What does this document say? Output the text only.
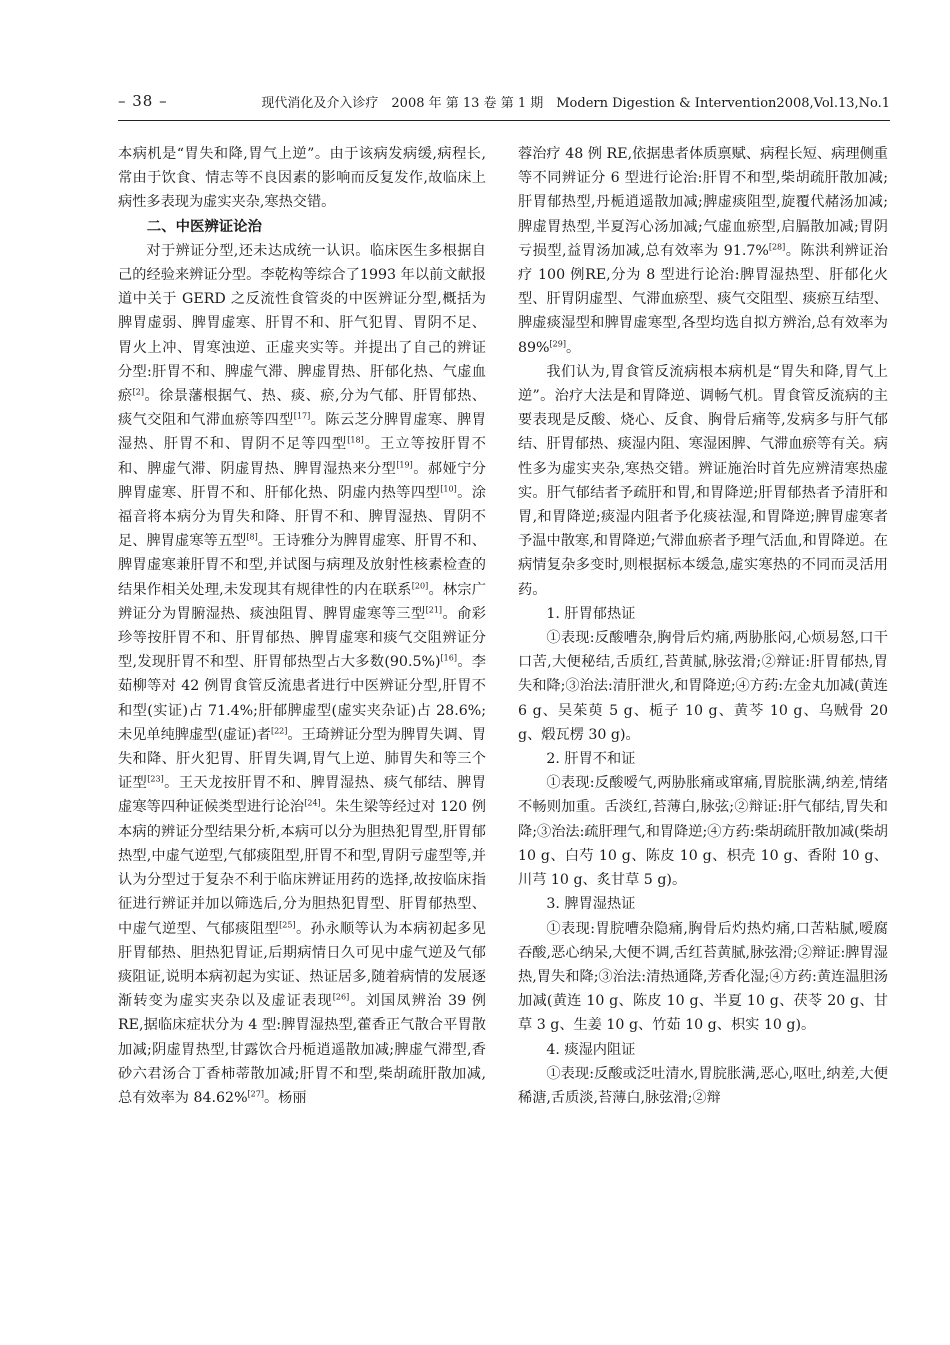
– 38 –	现代消化及介入诊疗　2008 年 第 13 卷 第 1 期　Modern Digestion & Intervention2008,Vol.13,No.1

本病机是“胃失和降,胃气上逆”。由于该病发病缓,病程长,常由于饮食、情志等不良因素的影响而反复发作,故临床上病性多表现为虚实夹杂,寒热交错。

二、中医辨证论治

对于辨证分型,还未达成统一认识。临床医生多根据自己的经验来辨证分型。李乾构等综合了1993 年以前文献报道中关于 GERD 之反流性食管炎的中医辨证分型,概括为脾胃虚弱、脾胃虚寒、肝胃不和、肝气犯胃、胃阴不足、胃火上冲、胃寒浊逆、正虚夹实等。并提出了自己的辨证分型:肝胃不和、脾虚气滞、脾虚胃热、肝郁化热、气虚血瘀[2]。徐景藩根据气、热、痰、瘀,分为气郁、肝胃郁热、痰气交阻和气滞血瘀等四型[17]。陈云芝分脾胃虚寒、脾胃湿热、肝胃不和、胃阴不足等四型[18]。王立等按肝胃不和、脾虚气滞、阴虚胃热、脾胃湿热来分型[19]。郝娅宁分脾胃虚寒、肝胃不和、肝郁化热、阴虚内热等四型[10]。涂福音将本病分为胃失和降、肝胃不和、脾胃湿热、胃阴不足、脾胃虚寒等五型[8]。王诗雅分为脾胃虚寒、肝胃不和、脾胃虚寒兼肝胃不和型,并试图与病理及放射性核素检查的结果作相关处理,未发现其有规律性的内在联系[20]。林宗广辨证分为胃腑湿热、痰浊阻胃、脾胃虚寒等三型[21]。俞彩珍等按肝胃不和、肝胃郁热、脾胃虚寒和痰气交阻辨证分型,发现肝胃不和型、肝胃郁热型占大多数(90.5%)[16]。李茹柳等对 42 例胃食管反流患者进行中医辨证分型,肝胃不和型(实证)占 71.4%;肝郁脾虚型(虚实夹杂证)占 28.6%;未见单纯脾虚型(虚证)者[22]。王琦辨证分型为脾胃失调、胃失和降、肝火犯胃、肝胃失调,胃气上逆、肺胃失和等三个证型[23]。王天龙按肝胃不和、脾胃湿热、痰气郁结、脾胃虚寒等四种证候类型进行论治[24]。朱生梁等经过对 120 例本病的辨证分型结果分析,本病可以分为胆热犯胃型,肝胃郁热型,中虚气逆型,气郁痰阻型,肝胃不和型,胃阴亏虚型等,并认为分型过于复杂不利于临床辨证用药的选择,故按临床指征进行辨证并加以筛选后,分为胆热犯胃型、肝胃郁热型、中虚气逆型、气郁痰阻型[25]。孙永顺等认为本病初起多见肝胃郁热、胆热犯胃证,后期病情日久可见中虚气逆及气郁痰阻证,说明本病初起为实证、热证居多,随着病情的发展逐渐转变为虚实夹杂以及虚证表现[26]。刘国凤辨治 39 例 RE,据临床症状分为 4 型:脾胃湿热型,藿香正气散合平胃散加减;阴虚胃热型,甘露饮合丹栀逍遥散加减;脾虚气滞型,香砂六君汤合丁香柿蒂散加减;肝胃不和型,柴胡疏肝散加减,总有效率为 84.62%[27]。杨丽

蓉治疗 48 例 RE,依据患者体质禀赋、病程长短、病理侧重等不同辨证分 6 型进行论治:肝胃不和型,柴胡疏肝散加减;肝胃郁热型,丹栀逍遥散加减;脾虚痰阻型,旋覆代赭汤加减;脾虚胃热型,半夏泻心汤加减;气虚血瘀型,启膈散加减;胃阴亏损型,益胃汤加减,总有效率为 91.7%[28]。陈洪利辨证治疗 100 例RE,分为 8 型进行论治:脾胃湿热型、肝郁化火型、肝胃阴虚型、气滞血瘀型、痰气交阻型、痰瘀互结型、脾虚痰湿型和脾胃虚寒型,各型均选自拟方辨治,总有效率为 89%[29]。

我们认为,胃食管反流病根本病机是“胃失和降,胃气上逆”。治疗大法是和胃降逆、调畅气机。胃食管反流病的主要表现是反酸、烧心、反食、胸骨后痛等,发病多与肝气郁结、肝胃郁热、痰湿内阻、寒湿困脾、气滞血瘀等有关。病性多为虚实夹杂,寒热交错。辨证施治时首先应辨清寒热虚实。肝气郁结者予疏肝和胃,和胃降逆;肝胃郁热者予清肝和胃,和胃降逆;痰湿内阻者予化痰祛湿,和胃降逆;脾胃虚寒者予温中散寒,和胃降逆;气滞血瘀者予理气活血,和胃降逆。在病情复杂多变时,则根据标本缓急,虚实寒热的不同而灵活用药。

1. 肝胃郁热证

①表现:反酸嘈杂,胸骨后灼痛,两胁胀闷,心烦易怒,口干口苦,大便秘结,舌质红,苔黄腻,脉弦滑;②辩证:肝胃郁热,胃失和降;③治法:清肝泄火,和胃降逆;④方药:左金丸加减(黄连 6 g、吴茱萸 5 g、栀子 10 g、黄芩 10 g、乌贼骨 20 g、煅瓦楞 30 g)。

2. 肝胃不和证

①表现:反酸嗳气,两胁胀痛或窜痛,胃脘胀满,纳差,情绪不畅则加重。舌淡红,苔薄白,脉弦;②辩证:肝气郁结,胃失和降;③治法:疏肝理气,和胃降逆;④方药:柴胡疏肝散加减(柴胡 10 g、白芍 10 g、陈皮 10 g、枳壳 10 g、香附 10 g、川芎 10 g、炙甘草 5 g)。

3. 脾胃湿热证

①表现:胃脘嘈杂隐痛,胸骨后灼热灼痛,口苦粘腻,嗳腐吞酸,恶心纳呆,大便不调,舌红苔黄腻,脉弦滑;②辩证:脾胃湿热,胃失和降;③治法:清热通降,芳香化湿;④方药:黄连温胆汤加减(黄连 10 g、陈皮 10 g、半夏 10 g、茯苓 20 g、甘草 3 g、生姜 10 g、竹茹 10 g、枳实 10 g)。

4. 痰湿内阻证

①表现:反酸或泛吐清水,胃脘胀满,恶心,呕吐,纳差,大便稀溏,舌质淡,苔薄白,脉弦滑;②辩
